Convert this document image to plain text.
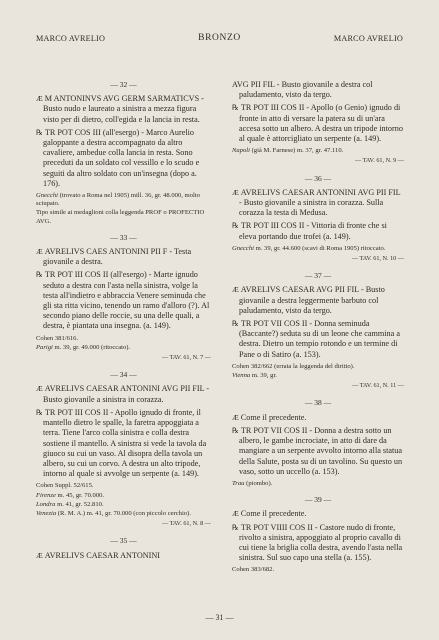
MARCO AVRELIO	BRONZO	MARCO AVRELIO
— 32 —

Æ M ANTONINVS AVG GERM SARMATICVS - Busto nudo e laureato a sinistra a mezza figura visto per di dietro, coll'egida e la lancia in resta.

℞ TR POT COS III (all'esergo) - Marco Aurelio galoppante a destra accompagnato da altro cavaliere, ambedue colla lancia in resta. Sono preceduti da un soldato col vessillo e lo scudo e seguiti da altro soldato con un'insegna (dopo a. 176).

Gnecchi (trovato a Roma nel 1905) mill. 36, gr. 48.000, molto sciupato.

Tipo simile ai medaglioni colla leggenda PROF o PROFECTIO AVG.

— 33 —

Æ AVRELIVS CAES ANTONINI PII F - Testa giovanile a destra.

℞ TR POT III COS II (all'esergo) - Marte ignudo seduto a destra con l'asta nella sinistra, volge la testa all'indietro e abbraccia Venere seminuda che gli sta ritta vicino, tenendo un ramo d'alloro (?). Al secondo piano delle roccie, su una delle quali, a destra, è piantata una insegna. (a. 149).

Cohen 381/616.

Parigi m. 39, gr. 49.000 (ritoccato).

— TAV. 61, N. 7 —
— 34 —

Æ AVRELIVS CAESAR ANTONINI AVG PII FIL - Busto giovanile a sinistra in corazza.

℞ TR POT III COS II - Apollo ignudo di fronte, il mantello dietro le spalle, la faretra appoggiata a terra. Tiene l'arco colla sinistra e colla destra sostiene il mantello. A sinistra si vede la tavola da giuoco su cui un vaso. Al disopra della tavola un albero, su cui un corvo. A destra un alto tripode, intorno al quale si avvolge un serpente (a. 149).

Cohen Suppl. 52/615.

Firenze m. 45, gr. 70.000.

Londra m. 41, gr. 52.810.

Venezia (R. M. A.) m. 41, gr. 70.000 (con piccolo cerchio).

— TAV. 61, N. 8 —
— 35 —

Æ AVRELIVS CAESAR ANTONINI

AVG PII FIL - Busto giovanile a destra col paludamento, visto da tergo.

℞ TR POT III COS II - Apollo (o Genio) ignudo di fronte in atto di versare la patera su di un'ara accesa sotto un albero. A destra un tripode intorno al quale è attorcigliato un serpente (a. 149).

Napoli (già M. Farnese) m. 37, gr. 47.110.

— TAV. 61, N. 9 —
— 36 —

Æ AVRELIVS CAESAR ANTONINI AVG PII FIL - Busto giovanile a sinistra in corazza. Sulla corazza la testa di Medusa.

℞ TR POT III COS II - Vittoria di fronte che si eleva portando due trofei (a. 149).

Gnecchi m. 39, gr. 44.600 (scavi di Roma 1905) ritoccato.

— TAV. 61, N. 10 —
— 37 —

Æ AVRELIVS CAESAR AVG PII FIL - Busto giovanile a destra leggermente barbuto col paludamento, visto da tergo.

℞ TR POT VII COS II - Donna seminuda (Baccante?) seduta su di un leone che cammina a destra. Dietro un tempio rotondo e un termine di Pane o di Satiro (a. 153).

Cohen 382/662 (errata la leggenda del diritto).

Vienna m. 39, gr.

— TAV. 61, N. 11 —
— 38 —

Æ Come il precedente.

℞ TR POT VII COS II - Donna a destra sotto un albero, le gambe incrociate, in atto di dare da mangiare a un serpente avvolto intorno alla statua della Salute, posta su di un tavolino. Su questo un vaso, sotto un uccello (a. 153).

Trau (piombo).

— 39 —

Æ Come il precedente.

℞ TR POT VIIII COS II - Castore nudo di fronte, rivolto a sinistra, appoggiato al proprio cavallo di cui tiene la briglia colla destra, avendo l'asta nella sinistra. Sul suo capo una stella (a. 155).

Cohen 383/682.

— 31 —
